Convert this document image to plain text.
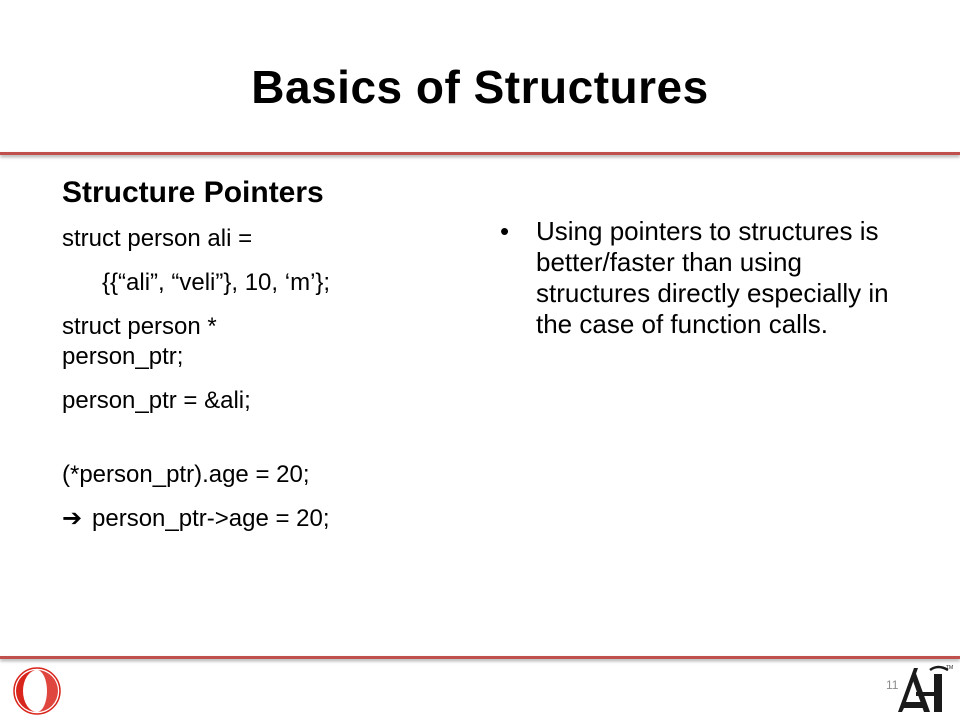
Basics of Structures
Structure Pointers
struct person ali =
{{“ali”, “veli”}, 10, ‘m’};
struct person *
person_ptr;
person_ptr = &ali;
(*person_ptr).age = 20;
➔ person_ptr->age = 20;
• Using pointers to structures is better/faster than using structures directly especially in the case of function calls.
11
TM
